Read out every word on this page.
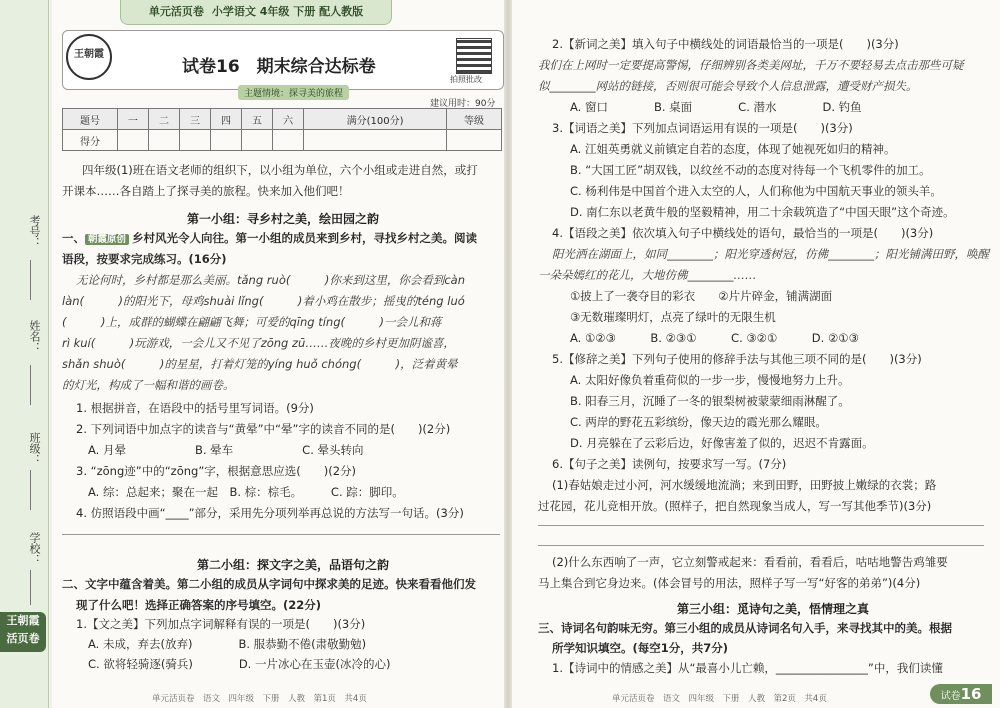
考号：
姓名：
班级：
学校：
王朝霞 活页卷
王朝霞
试卷16　期末综合达标卷
主题情境：探寻美的旅程
拍照批改
建议用时：90分
题号	一	二	三	四	五	六	满分(100分)	等级
得分								
四年级(1)班在语文老师的组织下，以小组为单位，六个小组或走进自然，或打
开课本……各自踏上了探寻美的旅程。快来加入他们吧！
第一小组：寻乡村之美，绘田园之韵
一、 朝霞原创 乡村风光令人向往。第一小组的成员来到乡村，寻找乡村之美。阅读
语段，按要求完成练习。(16分)
无论何时，乡村都是那么美丽。tǎng ruò(　　　)你来到这里，你会看到càn
làn(　　　)的阳光下，母鸡shuài lǐng(　　　)着小鸡在散步；摇曳的téng luó
(　　　)上，成群的蝴蝶在翩翩飞舞；可爱的qīng tíng(　　　)一会儿和蒋
rì kuí(　　　)玩游戏，一会儿又不见了zōng zū……夜晚的乡村更加阴谧喜，
shǎn shuò(　　　)的星星，打着灯笼的yíng huǒ chóng(　　　)，泛着黄晕
的灯光，构成了一幅和谐的画卷。
1. 根据拼音，在语段中的括号里写词语。(9分)
2. 下列词语中加点字的读音与“黄晕”中“晕”字的读音不同的是(　　)(2分)
A. 月晕　　　　　　B. 晕车　　　　　　C. 晕头转向
3. “zōng迹”中的“zōng”字，根据意思应选(　　)(2分)
A. 综：总起来；聚在一起　B. 棕：棕毛。　　　C. 踪：脚印。
4. 仿照语段中画“____”部分，采用先分项列举再总说的方法写一句话。(3分)
第二小组：探文字之美，品语句之韵
二、文字中蕴含着美。第二小组的成员从字词句中探求美的足迹。快来看看他们发
现了什么吧！选择正确答案的序号填空。(22分)
1.【文之美】下列加点字词解释有误的一项是(　　)(3分)
A. 未成，弃去(放弃)　　　　B. 服恭勤不倦(肃敬勤勉)
C. 欲将轻骑逐(骑兵)　　　　D. 一片冰心在玉壶(冰冷的心)
单元活页卷　语文　四年级　下册　人教　第1页　共4页
单元活页卷 小学语文 4年级 下册 配人教版
2.【新词之美】填入句子中横线处的词语最恰当的一项是(　　)(3分)
我们在上网时一定要提高警惕，仔细辨别各类美网址，千万不要轻易去点击那些可疑
似________网站的链接，否则很可能会导致个人信息泄露，遭受财产损失。
A. 窗口　　　　B. 桌面　　　　C. 潜水　　　　D. 钓鱼
3.【词语之美】下列加点词语运用有误的一项是(　　)(3分)
A. 江姐英勇就义前镇定自若的态度，体现了她视死如归的精神。
B. “大国工匠”胡双钱，以纹丝不动的态度对待每一个飞机零件的加工。
C. 杨利伟是中国首个进入太空的人，人们称他为中国航天事业的领头羊。
D. 南仁东以老黄牛般的坚毅精神，用二十余载筑造了“中国天眼”这个奇迹。
4.【语段之美】依次填入句子中横线处的语句，最恰当的一项是(　　)(3分)
阳光洒在湖面上，如同________；阳光穿透树冠，仿佛________；阳光铺满田野，唤醒
一朵朵嫣红的花儿，大地仿佛________……
①披上了一袭夺目的彩衣　　②片片碎金，铺满湖面
③无数璀璨明灯，点亮了绿叶的无限生机
A. ①②③　　　B. ②③①　　　C. ③②①　　　D. ②①③
5.【修辞之美】下列句子使用的修辞手法与其他三项不同的是(　　)(3分)
A. 太阳好像负着重荷似的一步一步，慢慢地努力上升。
B. 阳春三月，沉睡了一冬的银梨树被蒙蒙细雨淋醒了。
C. 两岸的野花五彩缤纷，像天边的霞光那么耀眼。
D. 月亮躲在了云彩后边，好像害羞了似的，迟迟不肯露面。
6.【句子之美】读例句，按要求写一写。(7分)
(1)春姑娘走过小河，河水缓缓地流淌；来到田野，田野披上嫩绿的衣裳；路
过花园，花儿竞相开放。(照样子，把自然现象当成人，写一写其他季节)(3分)
(2)什么东西响了一声，它立刻警戒起来：看看前，看看后，咕咕地警告鸡雏要
马上集合到它身边来。(体会冒号的用法，照样子写一写“好客的弟弟”)(4分)
第三小组：觅诗句之美，悟情理之真
三、诗词名句韵味无穷。第三小组的成员从诗词名句入手，来寻找其中的美。根据
所学知识填空。(每空1分，共7分)
1.【诗词中的情感之美】从“最喜小儿亡赖，________________”中，我们读懂
单元活页卷　语文　四年级　下册　人教　第2页　共4页	试卷16
